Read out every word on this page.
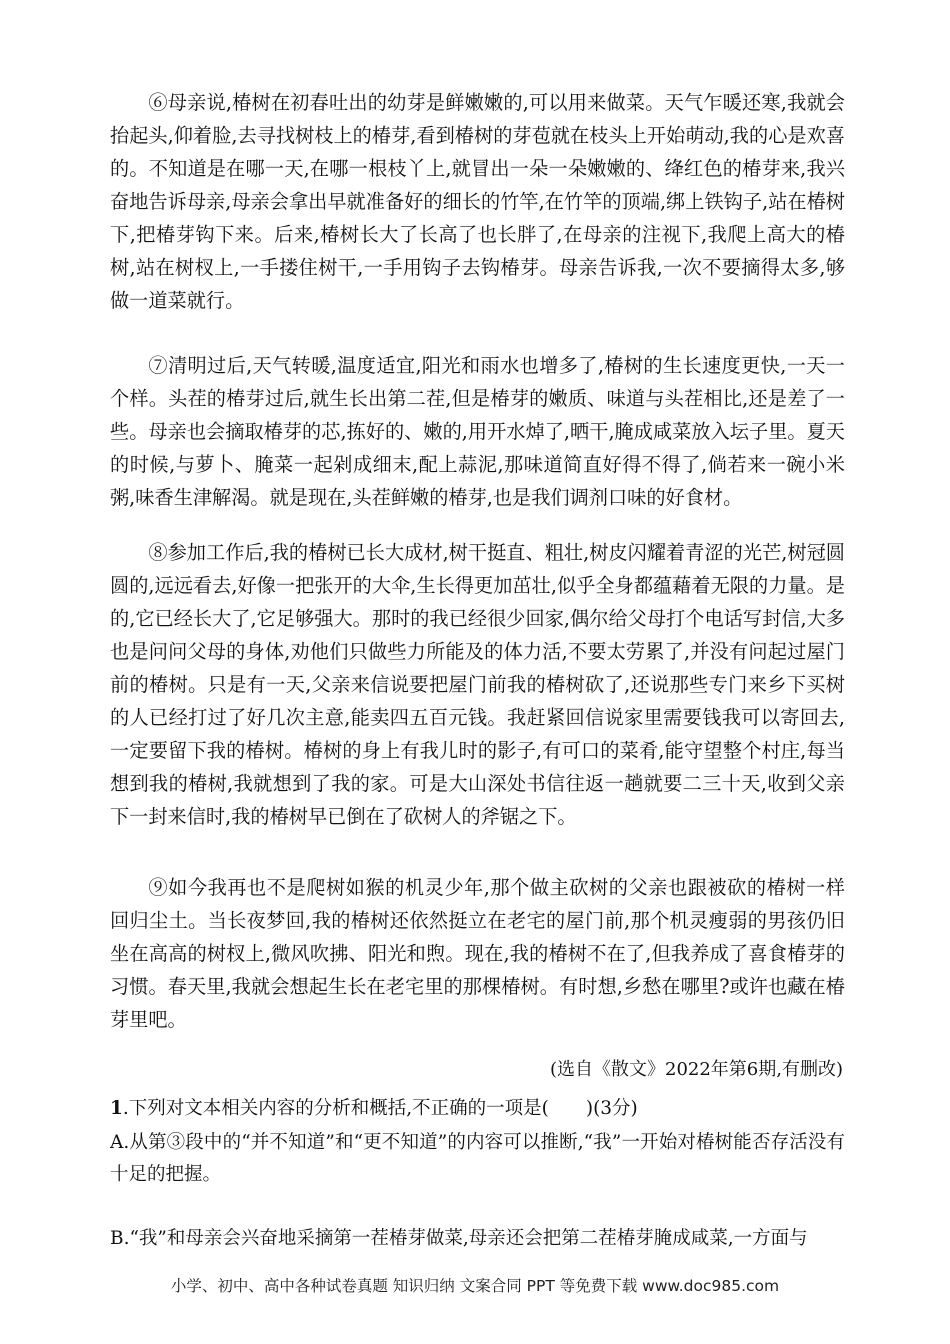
⑥母亲说,椿树在初春吐出的幼芽是鲜嫩嫩的,可以用来做菜。天气乍暖还寒,我就会抬起头,仰着脸,去寻找树枝上的椿芽,看到椿树的芽苞就在枝头上开始萌动,我的心是欢喜的。不知道是在哪一天,在哪一根枝丫上,就冒出一朵一朵嫩嫩的、绛红色的椿芽来,我兴奋地告诉母亲,母亲会拿出早就准备好的细长的竹竿,在竹竿的顶端,绑上铁钩子,站在椿树下,把椿芽钩下来。后来,椿树长大了长高了也长胖了,在母亲的注视下,我爬上高大的椿树,站在树杈上,一手搂住树干,一手用钩子去钩椿芽。母亲告诉我,一次不要摘得太多,够做一道菜就行。

⑦清明过后,天气转暖,温度适宜,阳光和雨水也增多了,椿树的生长速度更快,一天一个样。头茬的椿芽过后,就生长出第二茬,但是椿芽的嫩质、味道与头茬相比,还是差了一些。母亲也会摘取椿芽的芯,拣好的、嫩的,用开水焯了,晒干,腌成咸菜放入坛子里。夏天的时候,与萝卜、腌菜一起剁成细末,配上蒜泥,那味道简直好得不得了,倘若来一碗小米粥,味香生津解渴。就是现在,头茬鲜嫩的椿芽,也是我们调剂口味的好食材。

⑧参加工作后,我的椿树已长大成材,树干挺直、粗壮,树皮闪耀着青涩的光芒,树冠圆圆的,远远看去,好像一把张开的大伞,生长得更加茁壮,似乎全身都蕴藉着无限的力量。是的,它已经长大了,它足够强大。那时的我已经很少回家,偶尔给父母打个电话写封信,大多也是问问父母的身体,劝他们只做些力所能及的体力活,不要太劳累了,并没有问起过屋门前的椿树。只是有一天,父亲来信说要把屋门前我的椿树砍了,还说那些专门来乡下买树的人已经打过了好几次主意,能卖四五百元钱。我赶紧回信说家里需要钱我可以寄回去,一定要留下我的椿树。椿树的身上有我儿时的影子,有可口的菜肴,能守望整个村庄,每当想到我的椿树,我就想到了我的家。可是大山深处书信往返一趟就要二三十天,收到父亲下一封来信时,我的椿树早已倒在了砍树人的斧锯之下。

⑨如今我再也不是爬树如猴的机灵少年,那个做主砍树的父亲也跟被砍的椿树一样回归尘土。当长夜梦回,我的椿树还依然挺立在老宅的屋门前,那个机灵瘦弱的男孩仍旧坐在高高的树杈上,微风吹拂、阳光和煦。现在,我的椿树不在了,但我养成了喜食椿芽的习惯。春天里,我就会想起生长在老宅里的那棵椿树。有时想,乡愁在哪里?或许也藏在椿芽里吧。

(选自《散文》2022年第6期,有删改)

1.下列对文本相关内容的分析和概括,不正确的一项是(　　)(3分)

A.从第③段中的“并不知道”和“更不知道”的内容可以推断,“我”一开始对椿树能否存活没有十足的把握。

B.“我”和母亲会兴奋地采摘第一茬椿芽做菜,母亲还会把第二茬椿芽腌成咸菜,一方面与

小学、初中、高中各种试卷真题 知识归纳 文案合同 PPT 等免费下载 www.doc985.com
